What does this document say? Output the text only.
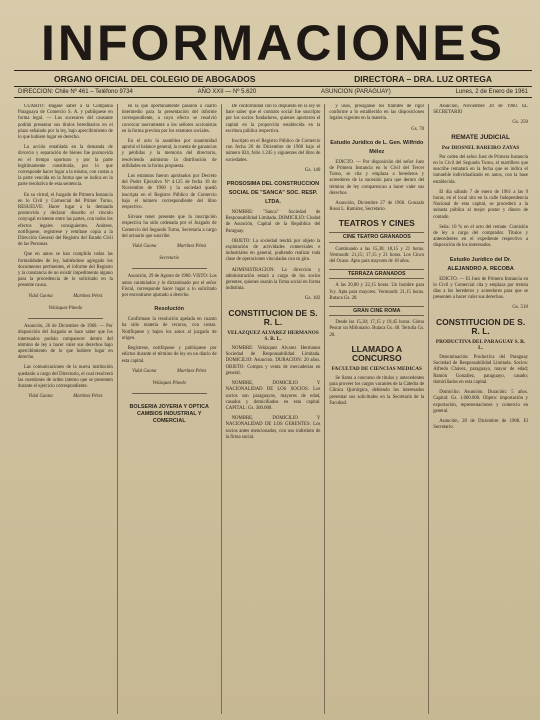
INFORMACIONES
ORGANO OFICIAL DEL COLEGIO DE ABOGADOS	DIRECTORA – DRA. LUZ ORTEGA
DIRECCION: Chile Nº 461 – Teléfono 9734	AÑO XXII — Nº 5.620	ASUNCION (PARAGUAY)	Lunes, 2 de Enero de 1961

CUARTO: Hágase saber a la Compañía Paraguaya de Comercio S. A. y publíquese en forma legal. — Los sucesores del causante podrán presentar sus títulos hereditarios en el plazo señalado por la ley, bajo apercibimiento de lo que hubiere lugar en derecho.

La acción entablada en la demanda de divorcio y separación de bienes fue promovida en el tiempo oportuno y por la parte legítimamente constituida, por lo que corresponde hacer lugar a la misma, con costas a la parte vencida en la forma que se indica en la parte resolutiva de esta sentencia.

En su virtud, el Juzgado de Primera Instancia en lo Civil y Comercial del Primer Turno, RESUELVE: Hacer lugar a la demanda promovida y declarar disuelto el vínculo conyugal existente entre las partes, con todos los efectos legales consiguientes. Anótese, notifíquese, regístrese y remítase copia a la Dirección General del Registro del Estado Civil de las Personas.

Que en autos se han cumplido todas las formalidades de ley, habiéndose agregado los documentos pertinentes, el informe del Registro y la constancia de no existir impedimento alguno para la procedencia de lo solicitado en la presente causa.

Vidal Gaona	Martínez Pérez
Velázquez Pinedo

Asunción, 26 de Diciembre de 1960. — Por disposición del Juzgado se hace saber que los interesados podrán comparecer dentro del término de ley a hacer valer sus derechos bajo apercibimiento de lo que hubiere lugar en derecho.

Las comunicaciones de la nueva institución quedarán a cargo del Directorio, el cual resolverá las cuestiones de orden interno que se presenten durante el ejercicio correspondiente.

Vidal Gaona	Martínez Pérez

en la que oportunamente pasaron a cuarto intermedio para la presentación del informe correspondiente, a cuyo efecto se resolvió convocar nuevamente a los señores accionistas en la forma prevista por los estatutos sociales.

En el acto la asamblea por unanimidad aprobó el balance general, la cuenta de ganancias y pérdidas y la memoria del directorio, resolviendo asimismo la distribución de utilidades en la forma propuesta.

Los estatutos fueron aprobados por Decreto del Poder Ejecutivo Nº 4.125 de fecha 18 de Noviembre de 1960 y la sociedad quedó inscripta en el Registro Público de Comercio bajo el número correspondiente del libro respectivo.

Sírvase tener presente que la inscripción respectiva ha sido ordenada por el Juzgado de Comercio del Segundo Turno, Secretaría a cargo del actuario que suscribe.

Vidal Gaona	Martínez Pérez
Secretario

Asunción, 29 de Agosto de 1960. VISTO: Los autos caratulados y lo dictaminado por el señor Fiscal, corresponde hacer lugar a lo solicitado por encontrarse ajustado a derecho.

Resolución

Confirmase la resolución apelada en cuanto ha sido materia de recurso, con costas. Notifíquese y bajen los autos al juzgado de origen.

Regístrese, notifíquese y publíquese por edictos durante el término de ley en un diario de esta capital.

Vidal Gaona	Martínez Pérez
Velázquez Pinedo
BOLSERIA JOYERIA Y OPTICA CAMBIOS INDUSTRIAL Y COMERCIAL

De conformidad con lo dispuesto en la ley se hace saber que el contrato social fue suscripto por los socios fundadores, quienes aportaron el capital en la proporción establecida en la escritura pública respectiva.

Inscripto en el Registro Público de Comercio con fecha 20 de Diciembre de 1960 bajo el número 824, folio 1.245 y siguientes del libro de sociedades.

Gs. 140
PROSOSIMA DEL CONSTRUCCION SOCIAL DE "SANCA" SOC. RESP. LTDA.

NOMBRE: "Sanca" Sociedad de Responsabilidad Limitada. DOMICILIO: Ciudad de Asunción, Capital de la República del Paraguay.

OBJETO: La sociedad tendrá por objeto la explotación de actividades comerciales e industriales en general, pudiendo realizar toda clase de operaciones vinculadas con su giro.

ADMINISTRACION: La dirección y administración estará a cargo de los socios gerentes, quienes usarán la firma social en forma indistinta.

Gs. 182
CONSTITUCION DE S. R. L.

VELAZQUEZ ALVAREZ HERMANOS S. R. L.

NOMBRE: Velázquez Alvarez Hermanos Sociedad de Responsabilidad Limitada. DOMICILIO: Asunción. DURACION: 20 años. OBJETO: Compra y venta de mercaderías en general.

NOMBRE, DOMICILIO Y NACIONALIDAD DE LOS SOCIOS: Los socios son paraguayos, mayores de edad, casados y domiciliados en esta capital. CAPITAL: Gs. 300.000.

NOMBRE, DOMICILIO Y NACIONALIDAD DE LOS GERENTES: Los socios antes mencionados, con uso indistinto de la firma social.

y usos, prosíganse los trámites de rigor conforme a lo establecido en las disposiciones legales vigentes en la materia.

Gs. 70
Estudio Jurídico de L. Gen. Wilfrido Mélez

EDICTO. — Por disposición del señor Juez de Primera Instancia en lo Civil del Tercer Turno, se cita y emplaza a herederos y acreedores de la sucesión para que dentro del término de ley comparezcan a hacer valer sus derechos.

Asunción, Diciembre 27 de 1960. Gonzalo Rossi L. Ramírez, Secretario.

TEATROS Y CINES
CINE TEATRO GRANADOS

Continuado a las 15,30; 18,15 y 21 horas. Vermouth: 21,15; 17,15 y 21 horas. Los Cinco del Ocaso. Apto para mayores de 18 años.

TERRAZA GRANADOS

A las 20,00 y 22,15 horas. Un hombre para Ivy. Apta para mayores. Vermouth: 21,15 horas. Butaca Gs. 28.

GRAN CINE ROMA

Desde las 15,30; 17,15 y 19,45 horas. Cómo Pescar un Millonario. Butaca Gs. 40. Tertulia Gs. 20.

LLAMADO A CONCURSO

FACULTAD DE CIENCIAS MEDICAS

Se llama a concurso de títulos y antecedentes para proveer los cargos vacantes de la Cátedra de Clínica Quirúrgica, debiendo los interesados presentar sus solicitudes en la Secretaría de la Facultad.

Asunción, Noviembre 28 de 1960. EL SECRETARIO

Gs. 250
REMATE JUDICIAL

Por DIOSNEL BAREIRO ZAYAS

Por orden del señor Juez de Primera Instancia en lo Civil del Segundo Turno, el martillero que suscribe rematará en la fecha que se indica el inmueble individualizado en autos, con la base establecida.

El día sábado 7 de enero de 1961 a las 9 horas, en el local sito en la calle Independencia Nacional de esta capital, se procederá a la subasta pública al mejor postor y dinero de contado.

Seña: 10 % en el acto del remate. Comisión de ley a cargo del comprador. Títulos y antecedentes en el expediente respectivo a disposición de los interesados.

Estudio Jurídico del Dr. ALEJANDRO A. RECOBA

EDICTO. — El Juez de Primera Instancia en lo Civil y Comercial cita y emplaza por treinta días a los herederos y acreedores para que se presenten a hacer valer sus derechos.

Gs. 510
CONSTITUCION DE S. R. L.

PRODUCTIVA DEL PARAGUAY S. R. L.

Denominación: Productiva del Paraguay Sociedad de Responsabilidad Limitada. Socios: Alfredo Chávez, paraguayo, mayor de edad; Ramón González, paraguayo, casado; domiciliados en esta capital.

Domicilio: Asunción. Duración: 5 años. Capital: Gs. 1.000.000. Objeto: importación y exportación, representaciones y comercio en general.

Asunción, 28 de Diciembre de 1960. El Secretario.
